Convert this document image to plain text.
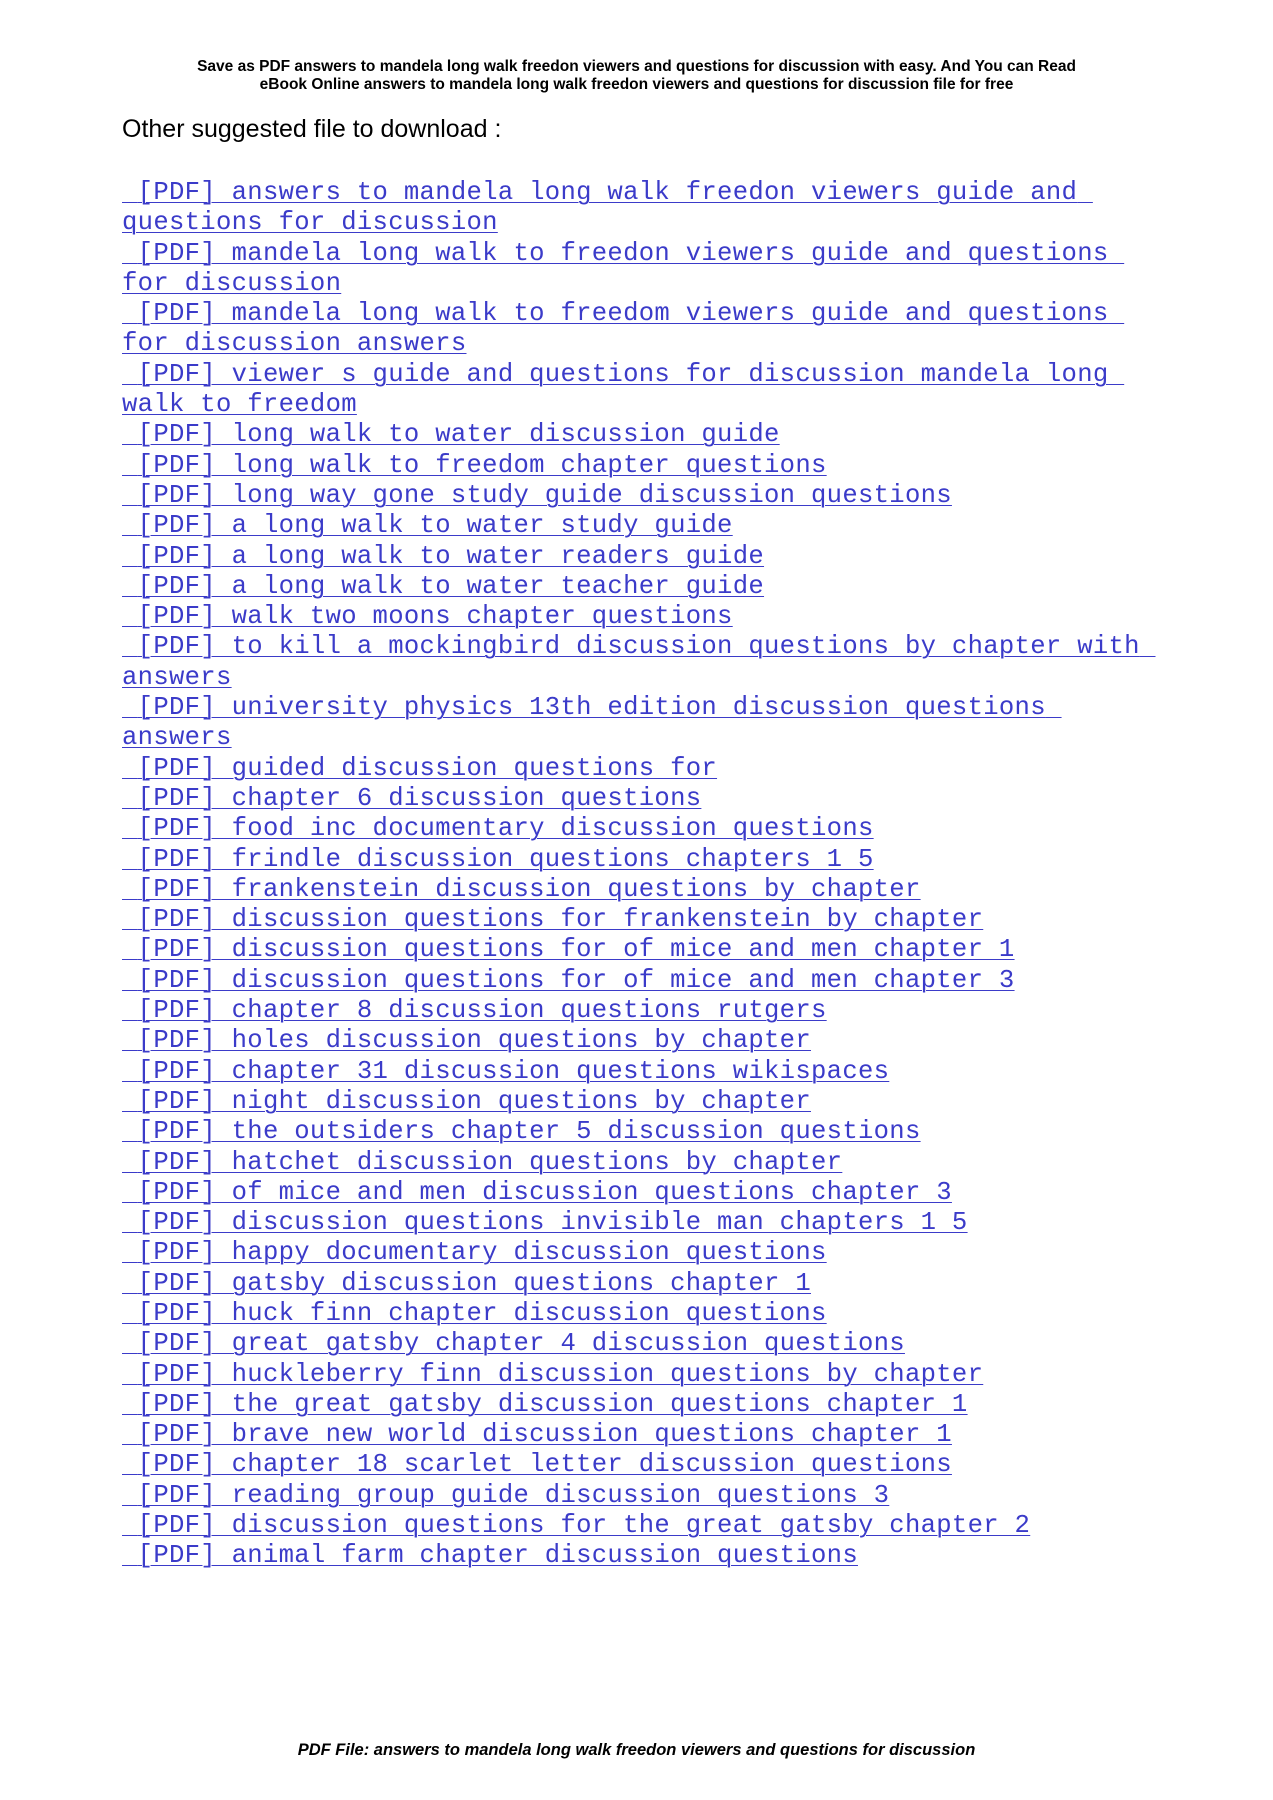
Save as PDF answers to mandela long walk freedon viewers and questions for discussion with easy. And You can Read
eBook Online answers to mandela long walk freedon viewers and questions for discussion file for free
Other suggested file to download :
[PDF] answers to mandela long walk freedon viewers guide and questions for discussion
[PDF] mandela long walk to freedon viewers guide and questions for discussion
[PDF] mandela long walk to freedom viewers guide and questions for discussion answers
[PDF] viewer s guide and questions for discussion mandela long walk to freedom
[PDF] long walk to water discussion guide
[PDF] long walk to freedom chapter questions
[PDF] long way gone study guide discussion questions
[PDF] a long walk to water study guide
[PDF] a long walk to water readers guide
[PDF] a long walk to water teacher guide
[PDF] walk two moons chapter questions
[PDF] to kill a mockingbird discussion questions by chapter with answers
[PDF] university physics 13th edition discussion questions answers
[PDF] guided discussion questions for
[PDF] chapter 6 discussion questions
[PDF] food inc documentary discussion questions
[PDF] frindle discussion questions chapters 1 5
[PDF] frankenstein discussion questions by chapter
[PDF] discussion questions for frankenstein by chapter
[PDF] discussion questions for of mice and men chapter 1
[PDF] discussion questions for of mice and men chapter 3
[PDF] chapter 8 discussion questions rutgers
[PDF] holes discussion questions by chapter
[PDF] chapter 31 discussion questions wikispaces
[PDF] night discussion questions by chapter
[PDF] the outsiders chapter 5 discussion questions
[PDF] hatchet discussion questions by chapter
[PDF] of mice and men discussion questions chapter 3
[PDF] discussion questions invisible man chapters 1 5
[PDF] happy documentary discussion questions
[PDF] gatsby discussion questions chapter 1
[PDF] huck finn chapter discussion questions
[PDF] great gatsby chapter 4 discussion questions
[PDF] huckleberry finn discussion questions by chapter
[PDF] the great gatsby discussion questions chapter 1
[PDF] brave new world discussion questions chapter 1
[PDF] chapter 18 scarlet letter discussion questions
[PDF] reading group guide discussion questions 3
[PDF] discussion questions for the great gatsby chapter 2
[PDF] animal farm chapter discussion questions
PDF File: answers to mandela long walk freedon viewers and questions for discussion
